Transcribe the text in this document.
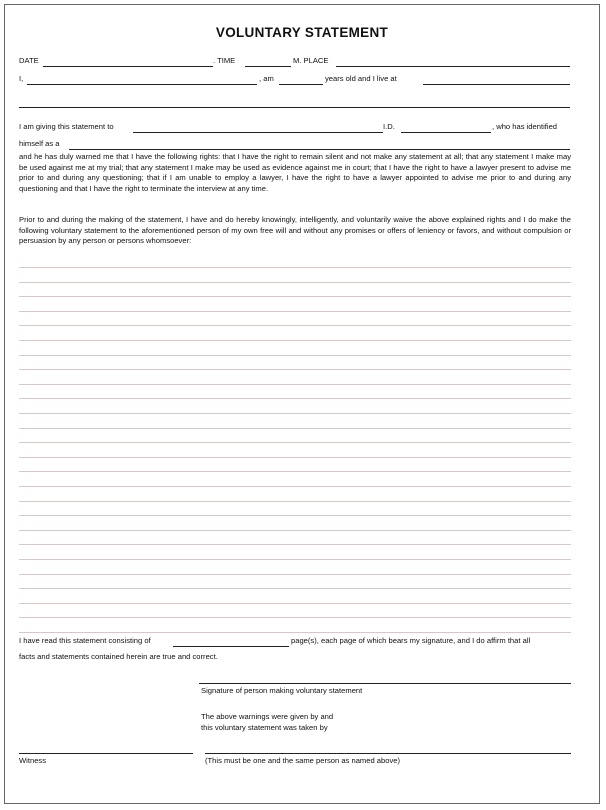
VOLUNTARY STATEMENT
DATE	. TIME	M. PLACE
I,	, am	years old and I live at
I am giving this statement to	I.D.	, who has identified
himself as a
and he has duly warned me that I have the following rights: that I have the right to remain silent and not make any statement at all; that any statement I make may be used against me at my trial; that any statement I make may be used as evidence against me in court; that I have the right to have a lawyer present to advise me prior to and during any questioning; that if I am unable to employ a lawyer, I have the right to have a lawyer appointed to advise me prior to and during any questioning and that I have the right to terminate the interview at any time.
Prior to and during the making of the statement, I have and do hereby knowingly, intelligently, and voluntarily waive the above explained rights and I do make the following voluntary statement to the aforementioned person of my own free will and without any promises or offers of leniency or favors, and without compulsion or persuasion by any person or persons whomsoever:
I have read this statement consisting of	page(s), each page of which bears my signature, and I do affirm that all
facts and statements contained herein are true and correct.
Signature of person making voluntary statement
The above warnings were given by and
this voluntary statement was taken by
Witness	(This must be one and the same person as named above)
